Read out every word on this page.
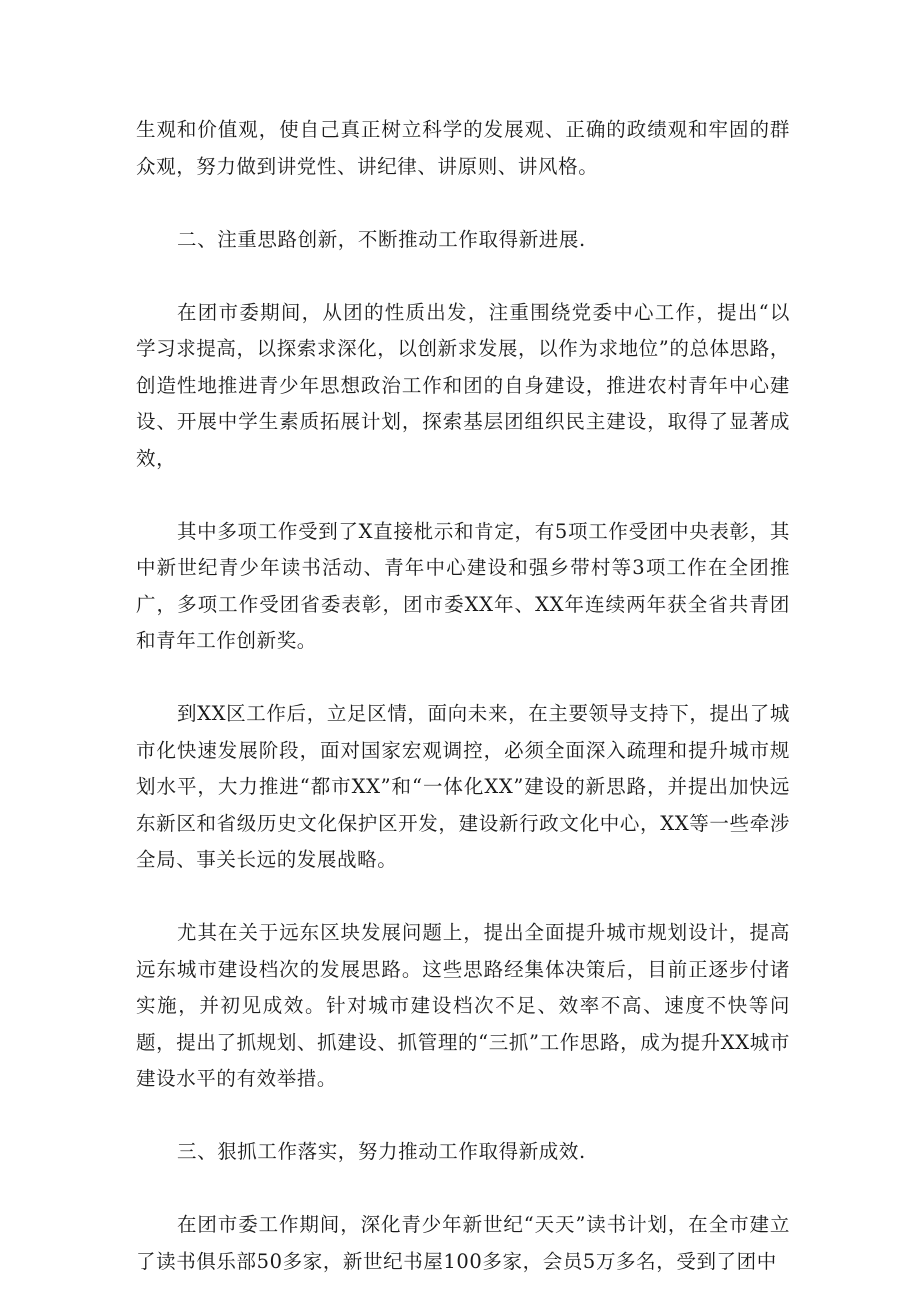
生观和价值观，使自己真正树立科学的发展观、正确的政绩观和牢固的群众观，努力做到讲党性、讲纪律、讲原则、讲风格。

二、注重思路创新，不断推动工作取得新进展.

在团市委期间，从团的性质出发，注重围绕党委中心工作，提出“以学习求提高，以探索求深化，以创新求发展，以作为求地位”的总体思路，创造性地推进青少年思想政治工作和团的自身建设，推进农村青年中心建设、开展中学生素质拓展计划，探索基层团组织民主建设，取得了显著成效，

其中多项工作受到了X直接枇示和肯定，有5项工作受团中央表彰，其中新世纪青少年读书活动、青年中心建设和强乡带村等3项工作在全团推广，多项工作受团省委表彰，团市委XX年、XX年连续两年获全省共青团和青年工作创新奖。

到XX区工作后，立足区情，面向未来，在主要领导支持下，提出了城市化快速发展阶段，面对国家宏观调控，必须全面深入疏理和提升城市规划水平，大力推进“都市XX”和“一体化XX”建设的新思路，并提出加快远东新区和省级历史文化保护区开发，建设新行政文化中心，XX等一些牵涉全局、事关长远的发展战略。

尤其在关于远东区块发展问题上，提出全面提升城市规划设计，提高远东城市建设档次的发展思路。这些思路经集体决策后，目前正逐步付诸实施，并初见成效。针对城市建设档次不足、效率不高、速度不快等问题，提出了抓规划、抓建设、抓管理的“三抓”工作思路，成为提升XX城市建设水平的有效举措。

三、狠抓工作落实，努力推动工作取得新成效.

在团市委工作期间，深化青少年新世纪“天天”读书计划，在全市建立了读书俱乐部50多家，新世纪书屋100多家，会员5万多名，受到了团中
